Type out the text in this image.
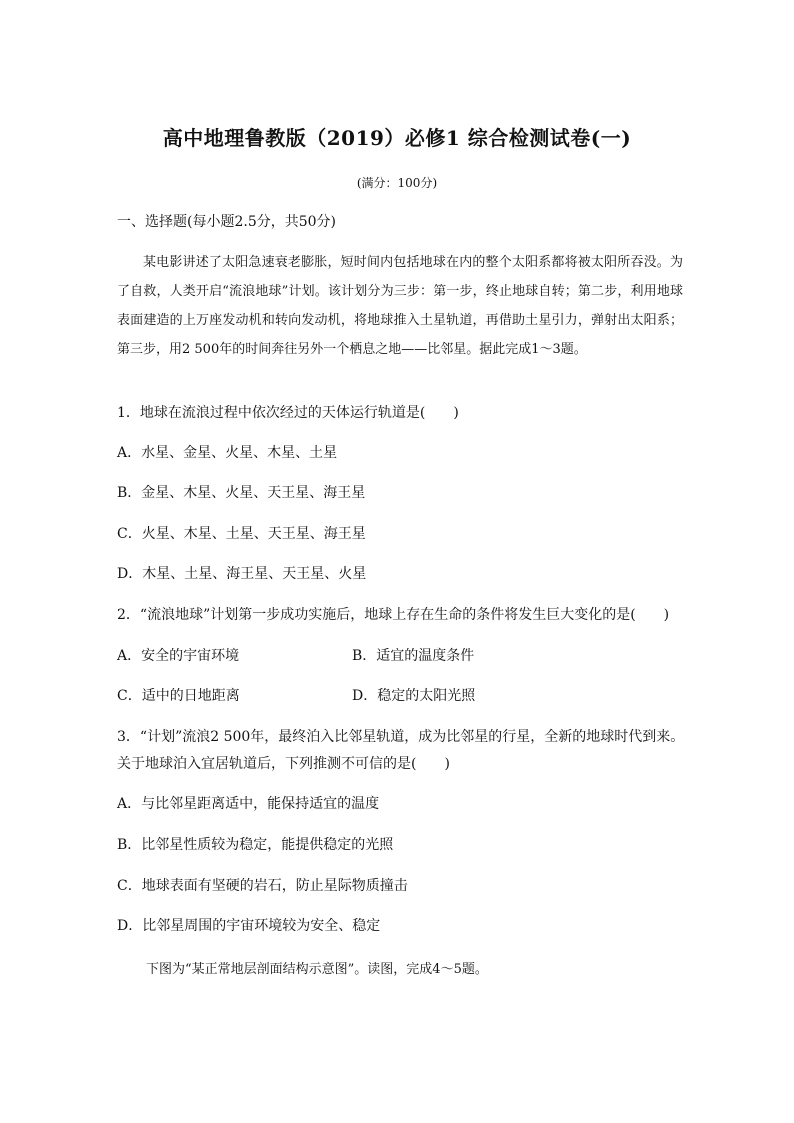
高中地理鲁教版（2019）必修1 综合检测试卷(一)
(满分：100分)
一、选择题(每小题2.5分，共50分)

某电影讲述了太阳急速衰老膨胀，短时间内包括地球在内的整个太阳系都将被太阳所吞没。为了自救，人类开启“流浪地球”计划。该计划分为三步：第一步，终止地球自转；第二步，利用地球表面建造的上万座发动机和转向发动机，将地球推入土星轨道，再借助土星引力，弹射出太阳系；第三步，用2 500年的时间奔往另外一个栖息之地——比邻星。据此完成1～3题。

1．地球在流浪过程中依次经过的天体运行轨道是(　　)
A．水星、金星、火星、木星、土星
B．金星、木星、火星、天王星、海王星
C．火星、木星、土星、天王星、海王星
D．木星、土星、海王星、天王星、火星
2．“流浪地球”计划第一步成功实施后，地球上存在生命的条件将发生巨大变化的是(　　)
A．安全的宇宙环境	B．适宜的温度条件
C．适中的日地距离	D．稳定的太阳光照
3．“计划”流浪2 500年，最终泊入比邻星轨道，成为比邻星的行星，全新的地球时代到来。
关于地球泊入宜居轨道后，下列推测不可信的是(　　)
A．与比邻星距离适中，能保持适宜的温度
B．比邻星性质较为稳定，能提供稳定的光照
C．地球表面有坚硬的岩石，防止星际物质撞击
D．比邻星周围的宇宙环境较为安全、稳定
下图为“某正常地层剖面结构示意图”。读图，完成4～5题。
